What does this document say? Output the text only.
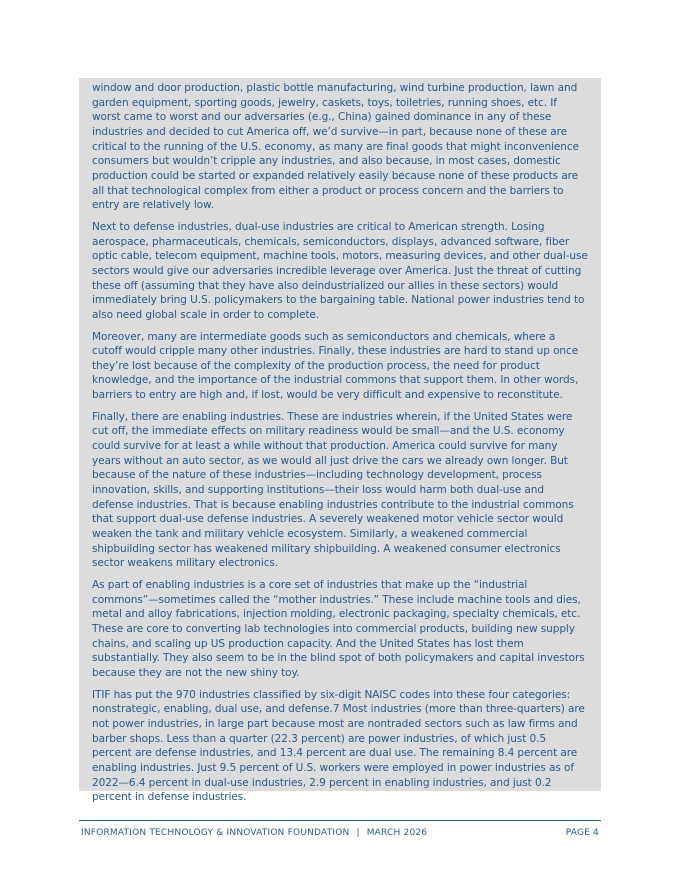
window and door production, plastic bottle manufacturing, wind turbine production, lawn and garden equipment, sporting goods, jewelry, caskets, toys, toiletries, running shoes, etc. If worst came to worst and our adversaries (e.g., China) gained dominance in any of these industries and decided to cut America off, we’d survive—in part, because none of these are critical to the running of the U.S. economy, as many are final goods that might inconvenience consumers but wouldn’t cripple any industries, and also because, in most cases, domestic production could be started or expanded relatively easily because none of these products are all that technological complex from either a product or process concern and the barriers to entry are relatively low.

Next to defense industries, dual-use industries are critical to American strength. Losing aerospace, pharmaceuticals, chemicals, semiconductors, displays, advanced software, fiber optic cable, telecom equipment, machine tools, motors, measuring devices, and other dual-use sectors would give our adversaries incredible leverage over America. Just the threat of cutting these off (assuming that they have also deindustrialized our allies in these sectors) would immediately bring U.S. policymakers to the bargaining table. National power industries tend to also need global scale in order to complete.

Moreover, many are intermediate goods such as semiconductors and chemicals, where a cutoff would cripple many other industries. Finally, these industries are hard to stand up once they’re lost because of the complexity of the production process, the need for product knowledge, and the importance of the industrial commons that support them. In other words, barriers to entry are high and, if lost, would be very difficult and expensive to reconstitute.

Finally, there are enabling industries. These are industries wherein, if the United States were cut off, the immediate effects on military readiness would be small—and the U.S. economy could survive for at least a while without that production. America could survive for many years without an auto sector, as we would all just drive the cars we already own longer. But because of the nature of these industries—including technology development, process innovation, skills, and supporting institutions—their loss would harm both dual-use and defense industries. That is because enabling industries contribute to the industrial commons that support dual-use defense industries. A severely weakened motor vehicle sector would weaken the tank and military vehicle ecosystem. Similarly, a weakened commercial shipbuilding sector has weakened military shipbuilding. A weakened consumer electronics sector weakens military electronics.

As part of enabling industries is a core set of industries that make up the “industrial commons”—sometimes called the “mother industries.” These include machine tools and dies, metal and alloy fabrications, injection molding, electronic packaging, specialty chemicals, etc. These are core to converting lab technologies into commercial products, building new supply chains, and scaling up US production capacity. And the United States has lost them substantially. They also seem to be in the blind spot of both policymakers and capital investors because they are not the new shiny toy.

ITIF has put the 970 industries classified by six-digit NAISC codes into these four categories: nonstrategic, enabling, dual use, and defense.7 Most industries (more than three-quarters) are not power industries, in large part because most are nontraded sectors such as law firms and barber shops. Less than a quarter (22.3 percent) are power industries, of which just 0.5 percent are defense industries, and 13.4 percent are dual use. The remaining 8.4 percent are enabling industries. Just 9.5 percent of U.S. workers were employed in power industries as of 2022—6.4 percent in dual-use industries, 2.9 percent in enabling industries, and just 0.2 percent in defense industries.

INFORMATION TECHNOLOGY & INNOVATION FOUNDATION | MARCH 2026	PAGE 4
